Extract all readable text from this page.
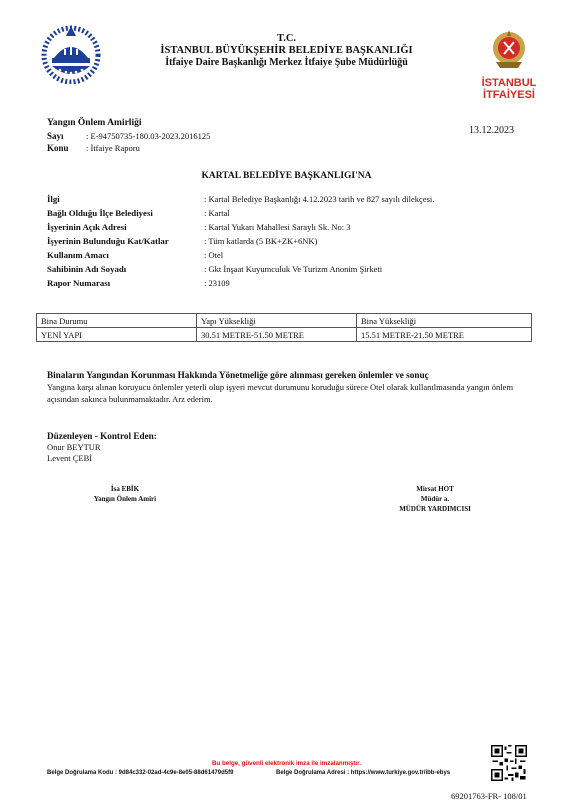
İSTANBUL
İTFAİYESİ
T.C.
İSTANBUL BÜYÜKŞEHİR BELEDİYE BAŞKANLIĞI
İtfaiye Daire Başkanlığı Merkez İtfaiye Şube Müdürlüğü
Yangın Önlem Amirliği
Sayı	: E-94750735-180.03-2023.2016125
Konu : İtfaiye Raporu
13.12.2023
KARTAL BELEDİYE BAŞKANLIGI'NA
İlgi	: Kartal Belediye Başkanlığı 4.12.2023 tarih ve 827 sayılı dilekçesi.
Bağlı Olduğu İlçe Belediyesi	: Kartal
İşyerinin Açık Adresi	: Kartal Yukarı Mahallesi Saraylı Sk. No: 3
İşyerinin Bulunduğu Kat/Katlar	: Tüm katlarda (5 BK+ZK+6NK)
Kullanım Amacı	: Otel
Sahibinin Adı Soyadı	: Gkt İnşaat Kuyumculuk Ve Turizm Anonim Şirketi
Rapor Numarası	: 23109
Bina Durumu	Yapı Yüksekliği	Bina Yüksekliği
YENİ YAPI	30.51 METRE-51.50 METRE	15.51 METRE-21.50 METRE
Binaların Yangından Korunması Hakkında Yönetmeliğe göre alınması gereken önlemler ve sonuç
Yangına karşı alınan koruyucu önlemler yeterli olup işyeri mevcut durumunu koruduğu sürece Otel olarak kullanılmasında yangın önlem açısından sakınca bulunmamaktadır. Arz ederim.
Düzenleyen - Kontrol Eden:
Onur BEYTUR
Levent ÇEBİ
İsa EBİK
Yangın Önlem Amiri
Mirsat HOT
Müdür a.
MÜDÜR YARDIMCISI
Bu belge, güvenli elektronik imza ile imzalanmıştır.
Belge Doğrulama Kodu : 9d84c332-02ad-4c9e-8e05-88d61479d5f9	Belge Doğrulama Adresi : https://www.turkiye.gov.tr/ibb-ebys
69201763-FR- 108/01
